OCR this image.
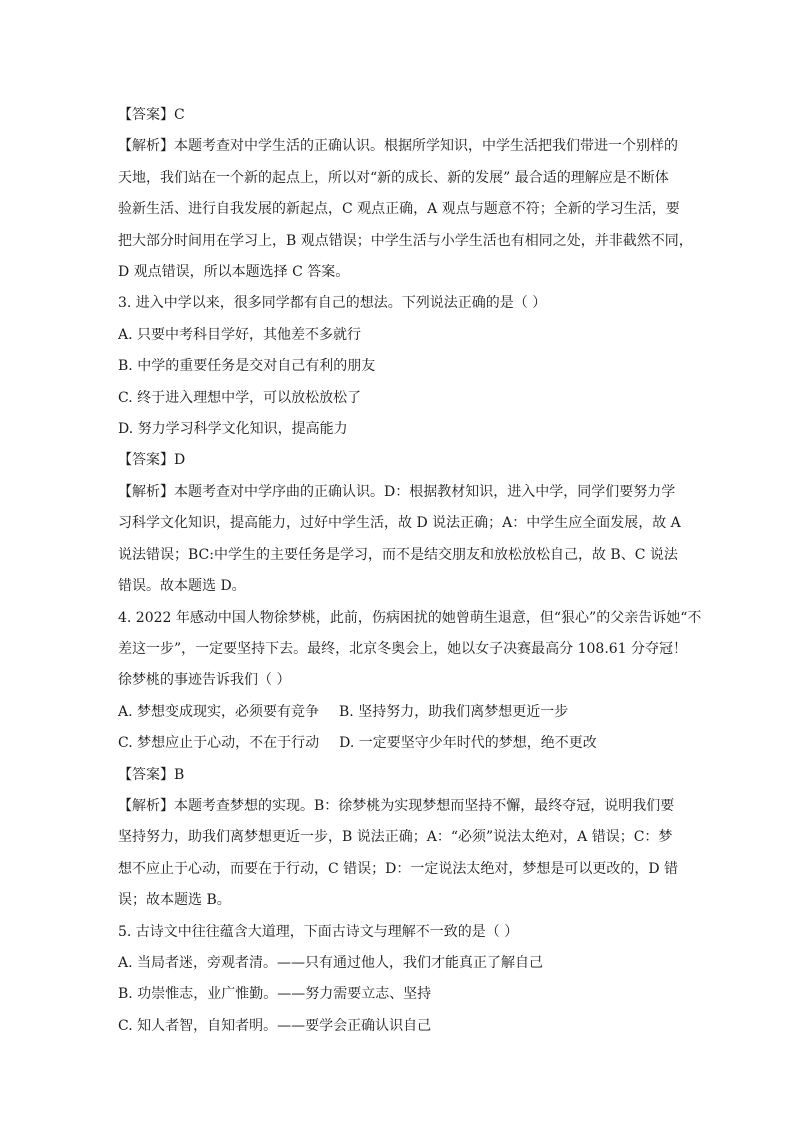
【答案】C
【解析】本题考查对中学生活的正确认识。根据所学知识，中学生活把我们带进一个别样的
天地，我们站在一个新的起点上，所以对“新的成长、新的发展” 最合适的理解应是不断体
验新生活、进行自我发展的新起点，C 观点正确，A 观点与题意不符；全新的学习生活，要
把大部分时间用在学习上，B 观点错误；中学生活与小学生活也有相同之处，并非截然不同，
D 观点错误，所以本题选择 C 答案。
3. 进入中学以来，很多同学都有自己的想法。下列说法正确的是（ ）
A. 只要中考科目学好，其他差不多就行
B. 中学的重要任务是交对自己有利的朋友
C. 终于进入理想中学，可以放松放松了
D. 努力学习科学文化知识，提高能力
【答案】D
【解析】本题考查对中学序曲的正确认识。D：根据教材知识，进入中学，同学们要努力学
习科学文化知识，提高能力，过好中学生活，故 D 说法正确；A：中学生应全面发展，故 A
说法错误；BC:中学生的主要任务是学习，而不是结交朋友和放松放松自己，故 B、C 说法
错误。故本题选 D。
4. 2022 年感动中国人物徐梦桃，此前，伤病困扰的她曾萌生退意，但“狠心”的父亲告诉她“不
差这一步”，一定要坚持下去。最终，北京冬奥会上，她以女子决赛最高分 108.61 分夺冠！
徐梦桃的事迹告诉我们（ ）
A. 梦想变成现实，必须要有竞争 B. 坚持努力，助我们离梦想更近一步
C. 梦想应止于心动，不在于行动 D. 一定要坚守少年时代的梦想，绝不更改
【答案】B
【解析】本题考查梦想的实现。B：徐梦桃为实现梦想而坚持不懈，最终夺冠，说明我们要
坚持努力，助我们离梦想更近一步，B 说法正确；A：“必须”说法太绝对，A 错误；C：梦
想不应止于心动，而要在于行动，C 错误；D：一定说法太绝对，梦想是可以更改的，D 错
误；故本题选 B。
5. 古诗文中往往蕴含大道理，下面古诗文与理解不一致的是（ ）
A. 当局者迷，旁观者清。——只有通过他人，我们才能真正了解自己
B. 功崇惟志，业广惟勤。——努力需要立志、坚持
C. 知人者智，自知者明。——要学会正确认识自己
